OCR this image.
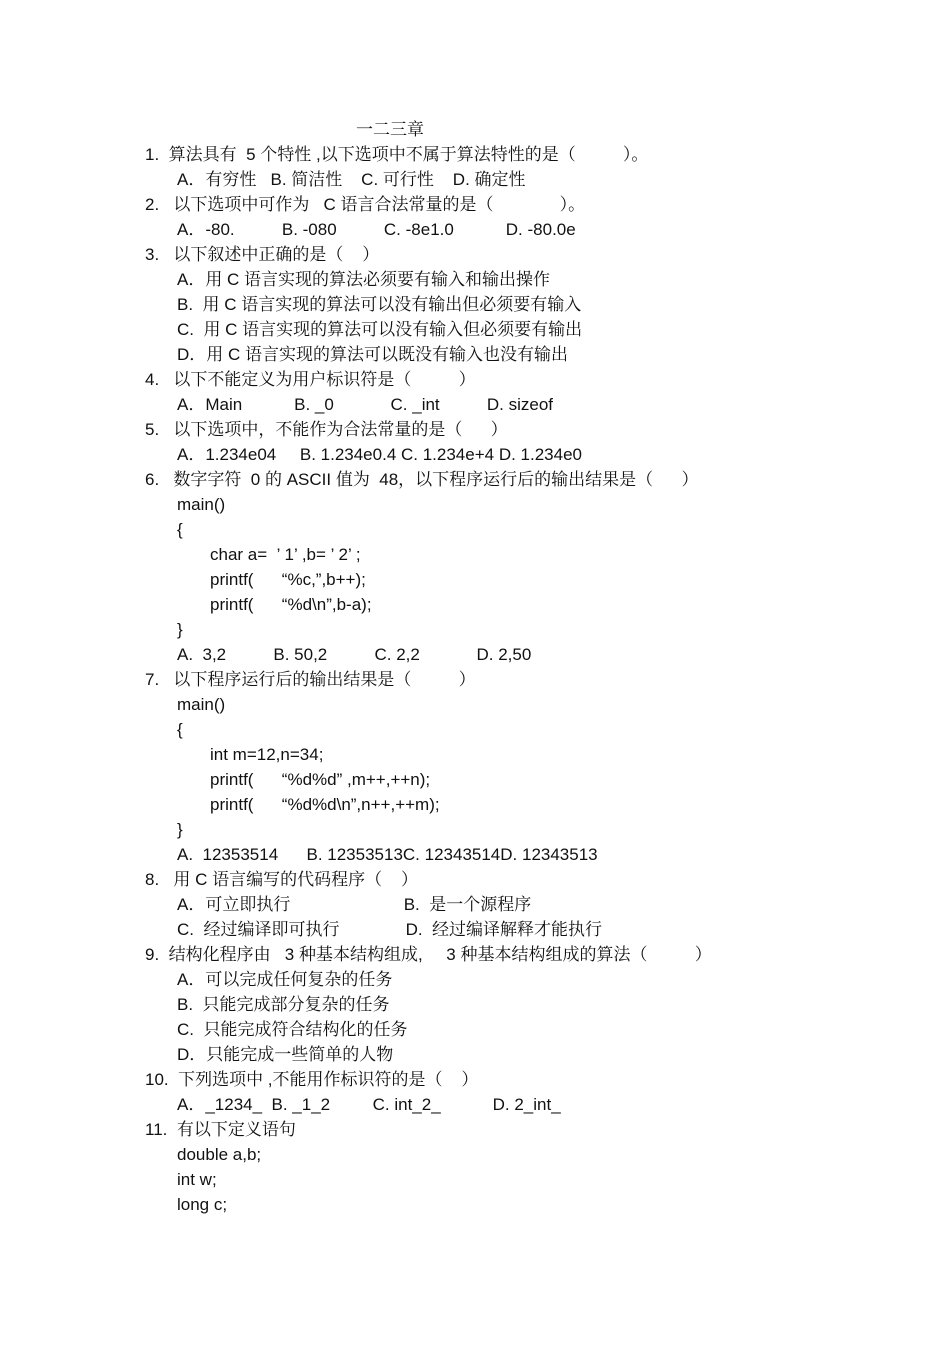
一二三章
1.  算法具有  5 个特性 ,以下选项中不属于算法特性的是（          ）。
A．有穷性   B. 简洁性    C. 可行性    D. 确定性
2.   以下选项中可作为   C 语言合法常量的是（              ）。
A．-80.          B. -080          C. -8e1.0           D. -80.0e
3.   以下叙述中正确的是（    ）
A．用 C 语言实现的算法必须要有输入和输出操作
B.  用 C 语言实现的算法可以没有输出但必须要有输入
C.  用 C 语言实现的算法可以没有输入但必须要有输出
D．用 C 语言实现的算法可以既没有输入也没有输出
4.   以下不能定义为用户标识符是（          ）
A．Main           B. _0            C. _int          D. sizeof
5.   以下选项中，不能作为合法常量的是（      ）
A．1.234e04     B. 1.234e0.4 C. 1.234e+4 D. 1.234e0
6.   数字字符  0 的 ASCII 值为  48，以下程序运行后的输出结果是（      ）
main()
{
char a=  ’ 1’ ,b= ’ 2’ ;
printf(      “%c,”,b++);
printf(      “%d\n”,b-a);
}
A.  3,2          B. 50,2          C. 2,2            D. 2,50
7.   以下程序运行后的输出结果是（          ）
main()
{
int m=12,n=34;
printf(      “%d%d” ,m++,++n);
printf(      “%d%d\n”,n++,++m);
}
A.  12353514      B. 12353513C. 12343514D. 12343513
8.   用 C 语言编写的代码程序（    ）
A．可立即执行                        B.  是一个源程序
C.  经过编译即可执行              D.  经过编译解释才能执行
9.  结构化程序由   3 种基本结构组成,     3 种基本结构组成的算法（          ）
A．可以完成任何复杂的任务
B.  只能完成部分复杂的任务
C.  只能完成符合结构化的任务
D．只能完成一些简单的人物
10.  下列选项中 ,不能用作标识符的是（    ）
A．_1234_  B. _1_2         C. int_2_           D. 2_int_
11.  有以下定义语句
double a,b;
int w;
long c;
